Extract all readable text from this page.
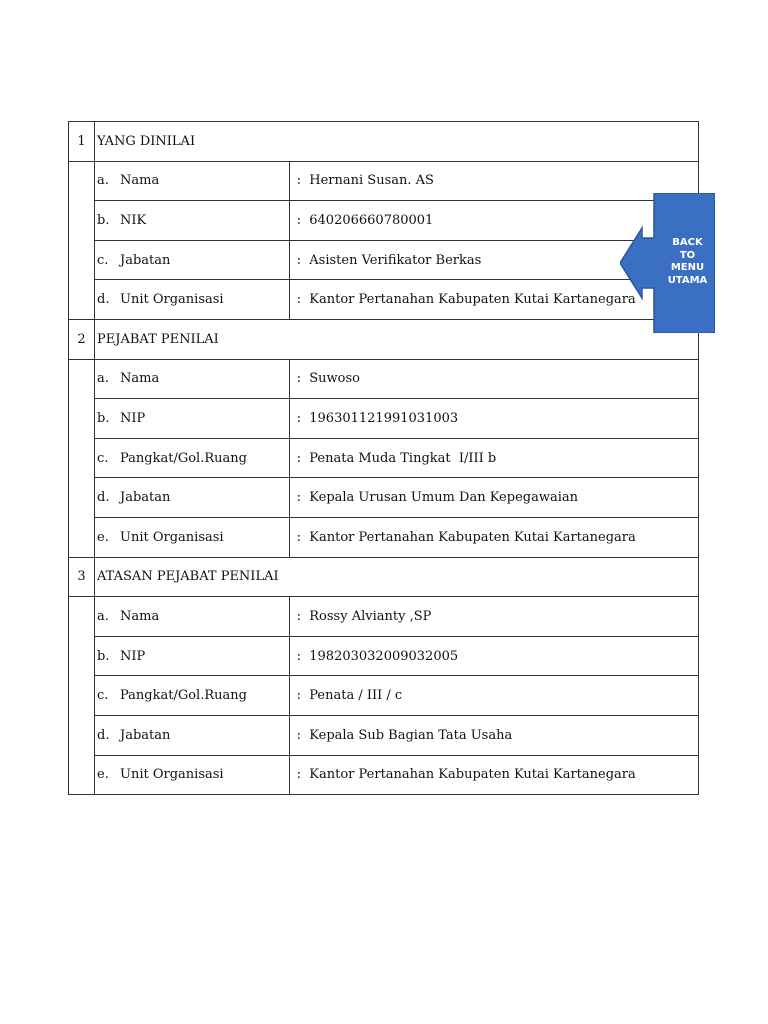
1	YANG DINILAI	
	a. Nama	: Hernani Susan. AS
	b. NIK	: 640206660780001
	c. Jabatan	: Asisten Verifikator Berkas
	d. Unit Organisasi	: Kantor Pertanahan Kabupaten Kutai Kartanegara
2	PEJABAT PENILAI	
	a. Nama	: Suwoso
	b. NIP	: 196301121991031003
	c. Pangkat/Gol.Ruang	: Penata Muda Tingkat  I/III b
	d. Jabatan	: Kepala Urusan Umum Dan Kepegawaian
	e. Unit Organisasi	: Kantor Pertanahan Kabupaten Kutai Kartanegara
3	ATASAN PEJABAT PENILAI	
	a. Nama	: Rossy Alvianty ,SP
	b. NIP	: 198203032009032005
	c. Pangkat/Gol.Ruang	: Penata / III / c
	d. Jabatan	: Kepala Sub Bagian Tata Usaha
	e. Unit Organisasi	: Kantor Pertanahan Kabupaten Kutai Kartanegara
BACK
TO
MENU
UTAMA
